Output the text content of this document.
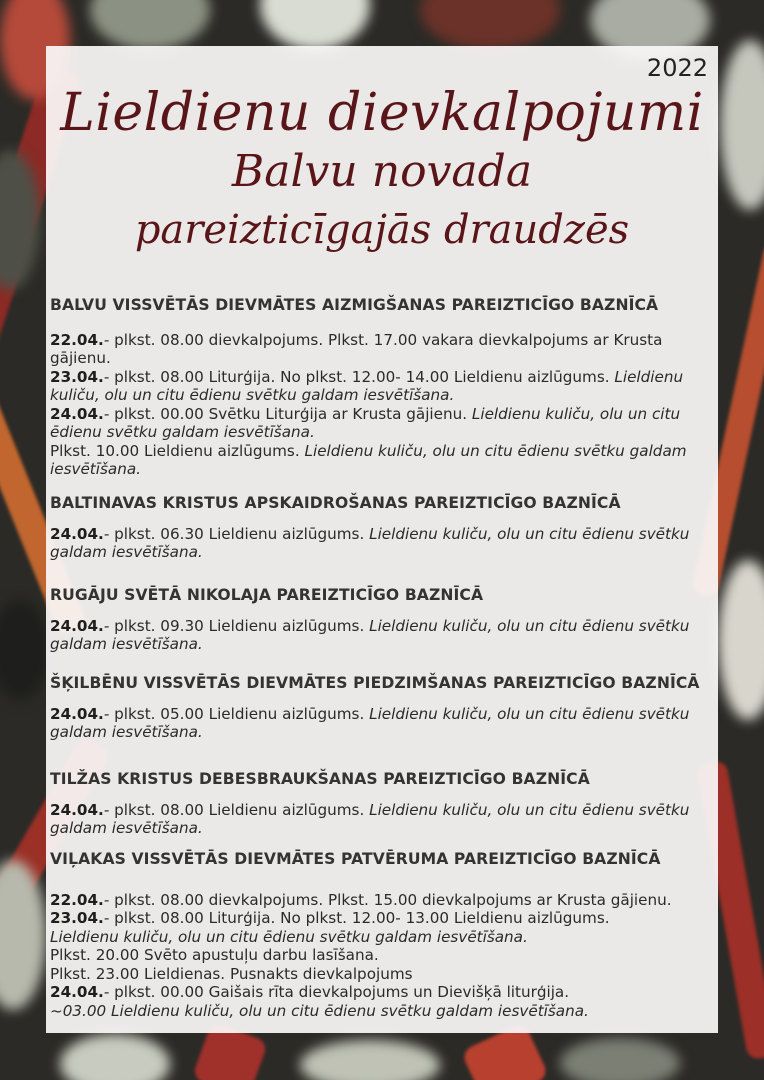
2022
Lieldienu dievkalpojumi
Balvu novada
pareizticīgajās draudzēs
BALVU VISSVĒTĀS DIEVMĀTES AIZMIGŠANAS PAREIZTICĪGO BAZNĪCĀ
22.04.- plkst. 08.00 dievkalpojums. Plkst. 17.00 vakara dievkalpojums ar Krusta gājienu.
23.04.- plkst. 08.00 Liturģija. No plkst. 12.00- 14.00 Lieldienu aizlūgums. Lieldienu kuliču, olu un citu ēdienu svētku galdam iesvētīšana.
24.04.- plkst. 00.00 Svētku Liturģija ar Krusta gājienu. Lieldienu kuliču, olu un citu ēdienu svētku galdam iesvētīšana.
Plkst. 10.00 Lieldienu aizlūgums. Lieldienu kuliču, olu un citu ēdienu svētku galdam iesvētīšana.
BALTINAVAS KRISTUS APSKAIDROŠANAS PAREIZTICĪGO BAZNĪCĀ
24.04.- plkst. 06.30 Lieldienu aizlūgums. Lieldienu kuliču, olu un citu ēdienu svētku galdam iesvētīšana.
RUGĀJU SVĒTĀ NIKOLAJA PAREIZTICĪGO BAZNĪCĀ
24.04.- plkst. 09.30 Lieldienu aizlūgums. Lieldienu kuliču, olu un citu ēdienu svētku galdam iesvētīšana.
ŠĶILBĒNU VISSVĒTĀS DIEVMĀTES PIEDZIMŠANAS PAREIZTICĪGO BAZNĪCĀ
24.04.- plkst. 05.00 Lieldienu aizlūgums. Lieldienu kuliču, olu un citu ēdienu svētku galdam iesvētīšana.
TILŽAS KRISTUS DEBESBRAUKŠANAS PAREIZTICĪGO BAZNĪCĀ
24.04.- plkst. 08.00 Lieldienu aizlūgums. Lieldienu kuliču, olu un citu ēdienu svētku galdam iesvētīšana.
VIĻAKAS VISSVĒTĀS DIEVMĀTES PATVĒRUMA PAREIZTICĪGO BAZNĪCĀ
22.04.- plkst. 08.00 dievkalpojums. Plkst. 15.00 dievkalpojums ar Krusta gājienu.
23.04.- plkst. 08.00 Liturģija. No plkst. 12.00- 13.00 Lieldienu aizlūgums.
Lieldienu kuliču, olu un citu ēdienu svētku galdam iesvētīšana.
Plkst. 20.00 Svēto apustuļu darbu lasīšana.
Plkst. 23.00 Lieldienas. Pusnakts dievkalpojums
24.04.- plkst. 00.00 Gaišais rīta dievkalpojums un Dievišķā liturģija.
~03.00 Lieldienu kuliču, olu un citu ēdienu svētku galdam iesvētīšana.
